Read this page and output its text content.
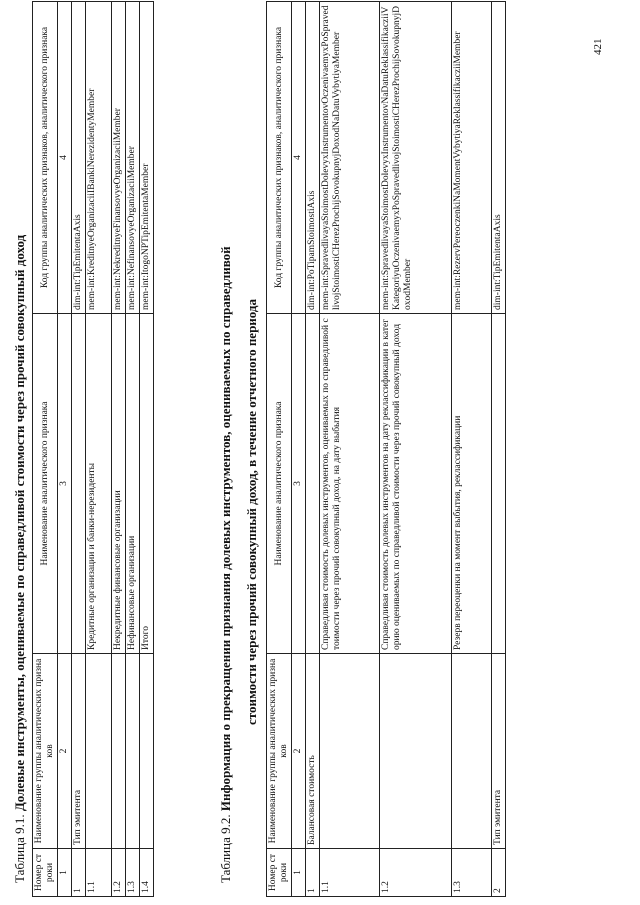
Таблица 9.1. Долевые инструменты, оцениваемые по справедливой стоимости через прочий совокупный доход
Номер строки	Наименование группы аналитических признаков	Наименование аналитического признака	Код группы аналитических признаков, аналитического признака
1	2	3	4
1	Тип эмитента		dim-int:TipEmitentaAxis
1.1		Кредитные организации и банки-нерезиденты	mem-int:KreditnyeOrganizaciiIBankiNerezidentyMember
1.2		Некредитные финансовые организации	mem-int:NekreditnyeFinansovyeOrganizaciiMember
1.3		Нефинансовые организации	mem-int:NefinansovyeOrganizaciiMember
1.4		Итого	mem-int:ItogoNPTipEmitentaMember
Таблица 9.2. Информация о прекращении признания долевых инструментов, оцениваемых по справедливой стоимости через прочий совокупный доход, в течение отчетного периода
Номер строки	Наименование группы аналитических признаков	Наименование аналитического признака	Код группы аналитических признаков, аналитического признака
1	2	3	4
1	Балансовая стоимость		dim-int:PoTipamStoimostiAxis
1.1		Справедливая стоимость долевых инструментов, оцениваемых по справедливой стоимости через прочий совокупный доход, на дату выбытия	mem-int:SpravedlivayaStoimostDolevyxInstrumentovOczenivaemyxPoSpravedlivojStoimostiCHerezProchijSovokupnyjDoxodNaDatuVybytiyaMember
1.2		Справедливая стоимость долевых инструментов на дату реклассификации в категорию оцениваемых по справедливой стоимости через прочий совокупный доход	mem-int:SpravedlivayaStoimostDolevyxInstrumentovNaDatuReklassifikacziiVKategoriyuOczenivaemyxPoSpravedlivojStoimostiCHerezProchijSovokupnyjDoxodMember
1.3		Резерв переоценки на момент выбытия, реклассификации	mem-int:RezervPereoczenkiNaMomentVybytiyaReklassifikacziiMember
2	Тип эмитента		dim-int:TipEmitentaAxis
421
